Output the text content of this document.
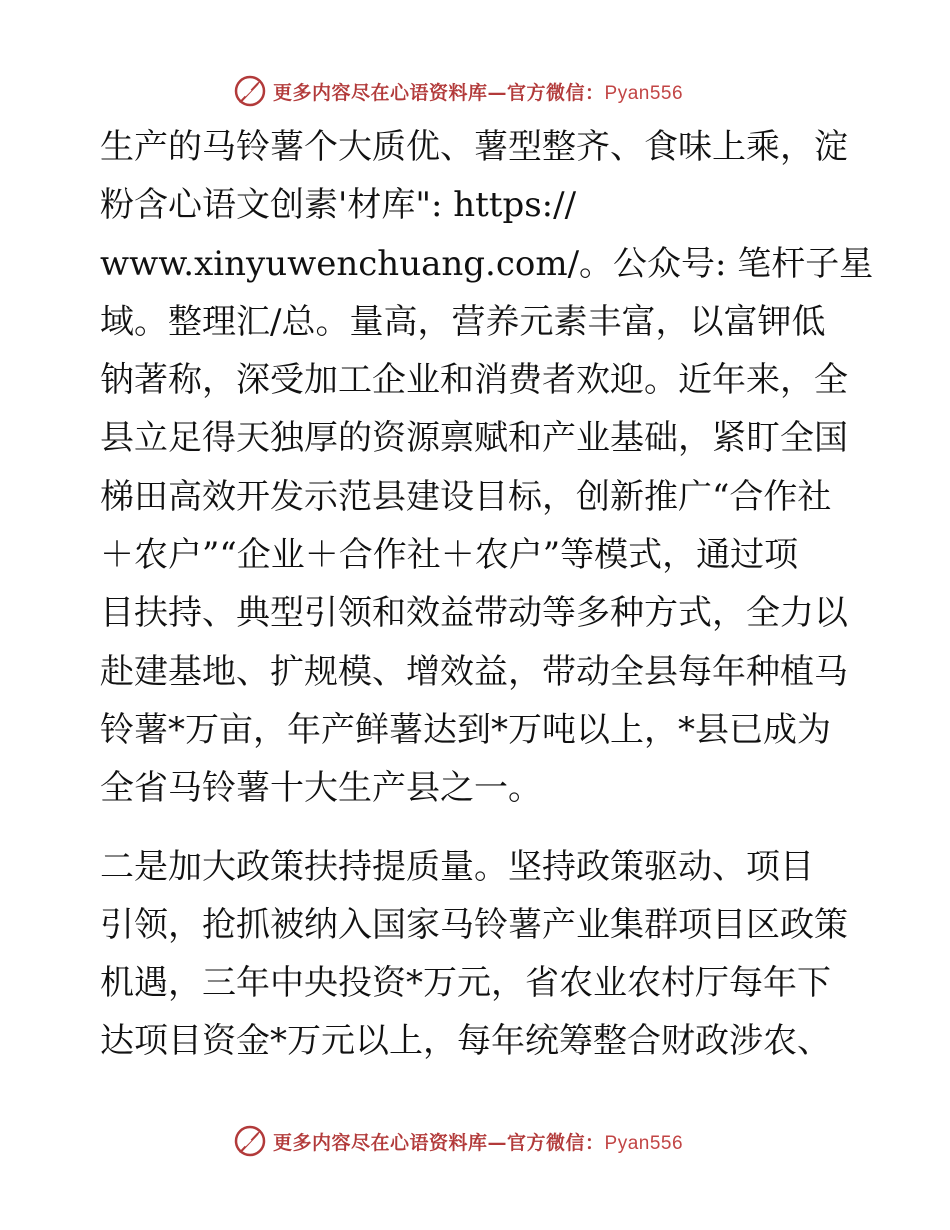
更多内容尽在心语资料库—官方微信：Pyan556
生产的马铃薯个大质优、薯型整齐、食味上乘，淀
粉含心语文创素'材库": https://
www.xinyuwenchuang.com/。公众号: 笔杆子星
域。整理汇/总。量高，营养元素丰富，以富钾低
钠著称，深受加工企业和消费者欢迎。近年来，全
县立足得天独厚的资源禀赋和产业基础，紧盯全国
梯田高效开发示范县建设目标，创新推广“合作社
＋农户”“企业＋合作社＋农户”等模式，通过项
目扶持、典型引领和效益带动等多种方式，全力以
赴建基地、扩规模、增效益，带动全县每年种植马
铃薯*万亩，年产鲜薯达到*万吨以上，*县已成为
全省马铃薯十大生产县之一。
二是加大政策扶持提质量。坚持政策驱动、项目
引领，抢抓被纳入国家马铃薯产业集群项目区政策
机遇，三年中央投资*万元，省农业农村厅每年下
达项目资金*万元以上，每年统筹整合财政涉农、
更多内容尽在心语资料库—官方微信：Pyan556
